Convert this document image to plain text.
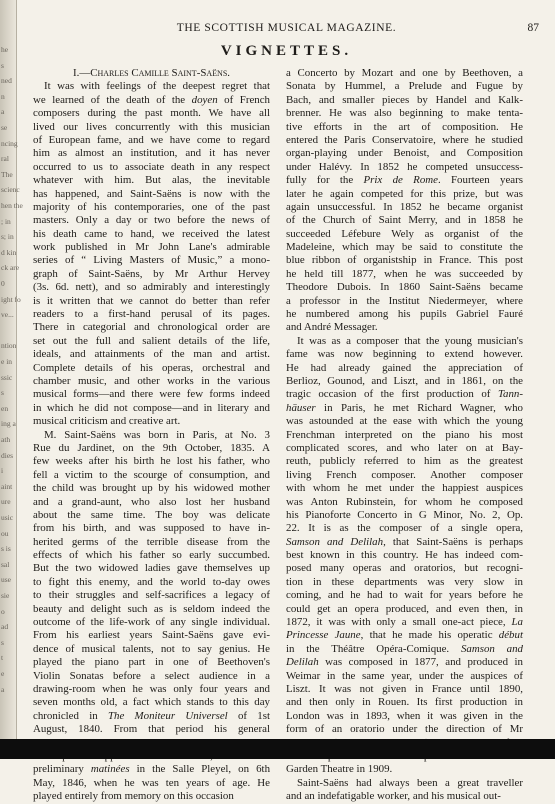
he
s
ned
n
a
se
ncing
ral
The
scienc
hen the
; in
s; in
d kin
ck are
0
ight fo
ve...
ntion
e in
ssic
s
en
ing a
ath
dies
i
aint
ure
usic
ou
s is
sal
use
sie
o
ad
s
t
e
a
THE SCOTTISH MUSICAL MAGAZINE.	87
VIGNETTES.
I.—Charles Camille Saint-Saëns.
It was with feelings of the deepest regret that
we learned of the death of the doyen of French
composers during the past month. We have all
lived our lives concurrently with this musician
of European fame, and we have come to regard
him as almost an institution, and it has never
occurred to us to associate death in any respect
whatever with him. But alas, the inevitable
has happened, and Saint-Saëns is now with the
majority of his contemporaries, one of the past
masters. Only a day or two before the news of
his death came to hand, we received the latest
work published in Mr John Lane's admirable
series of “ Living Masters of Music,” a mono-
graph of Saint-Saëns, by Mr Arthur Hervey
(3s. 6d. nett), and so admirably and interestingly
is it written that we cannot do better than refer
readers to a first-hand perusal of its pages.
There in categorial and chronological order are
set out the full and salient details of the life,
ideals, and attainments of the man and artist.
Complete details of his operas, orchestral and
chamber music, and other works in the various
musical forms—and there were few forms indeed
in which he did not compose—and in literary and
musical criticism and creative art.
M. Saint-Saëns was born in Paris, at No. 3
Rue du Jardinet, on the 9th October, 1835. A
few weeks after his birth he lost his father, who
fell a victim to the scourge of consumption, and
the child was brought up by his widowed mother
and a grand-aunt, who also lost her husband
about the same time. The boy was delicate
from his birth, and was supposed to have in-
herited germs of the terrible disease from the
effects of which his father so early succumbed.
But the two widowed ladies gave themselves up
to fight this enemy, and the world to-day owes
to their struggles and self-sacrifices a legacy of
beauty and delight such as is seldom indeed the
outcome of the life-work of any single individual.
From his earliest years Saint-Saëns gave evi-
dence of musical talents, not to say genius. He
played the piano part in one of Beethoven's
Violin Sonatas before a select audience in a
drawing-room when he was only four years and
seven months old, a fact which stands to this day
chronicled in The Moniteur Universel of 1st
August, 1840. From that period his general
preliminary matinées in the Salle Pleyel, on 6th
May, 1846, when he was ten years of age. He
played entirely from memory on this occasion
a Concerto by Mozart and one by Beethoven, a
Sonata by Hummel, a Prelude and Fugue by
Bach, and smaller pieces by Handel and Kalk-
brenner. He was also beginning to make tenta-
tive efforts in the art of composition. He
entered the Paris Conservatoire, where he studied
organ-playing under Benoist, and Composition
under Halévy. In 1852 he competed unsuccess-
fully for the Prix de Rome. Fourteen years
later he again competed for this prize, but was
again unsuccessful. In 1852 he became organist
of the Church of Saint Merry, and in 1858 he
succeeded Léfebure Wely as organist of the
Madeleine, which may be said to constitute the
blue ribbon of organistship in France. This post
he held till 1877, when he was succeeded by
Theodore Dubois. In 1860 Saint-Saëns became
a professor in the Institut Niedermeyer, where
he numbered among his pupils Gabriel Fauré
and André Messager.
It was as a composer that the young musician's
fame was now beginning to extend however.
He had already gained the appreciation of
Berlioz, Gounod, and Liszt, and in 1861, on the
tragic occasion of the first production of Tann-
häuser in Paris, he met Richard Wagner, who
was astounded at the ease with which the young
Frenchman interpreted on the piano his most
complicated scores, and who later on at Bay-
reuth, publicly referred to him as the greatest
living French composer. Another composer
with whom he met under the happiest auspices
was Anton Rubinstein, for whom he composed
his Pianoforte Concerto in G Minor, No. 2, Op.
22. It is as the composer of a single opera,
Samson and Delilah, that Saint-Saëns is perhaps
best known in this country. He has indeed com-
posed many operas and oratorios, but recogni-
tion in these departments was very slow in
coming, and he had to wait for years before he
could get an opera produced, and even then, in
1872, it was with only a small one-act piece, La
Princesse Jaune, that he made his operatic début
in the Théâtre Opéra-Comique. Samson and
Delilah was composed in 1877, and produced in
Weimar in the same year, under the auspices of
Liszt. It was not given in France until 1890,
and then only in Rouen. Its first production in
London was in 1893, when it was given in the
form of an oratorio under the direction of Mr
Garden Theatre in 1909.
Saint-Saëns had always been a great traveller
and an indefatigable worker, and his musical out-
